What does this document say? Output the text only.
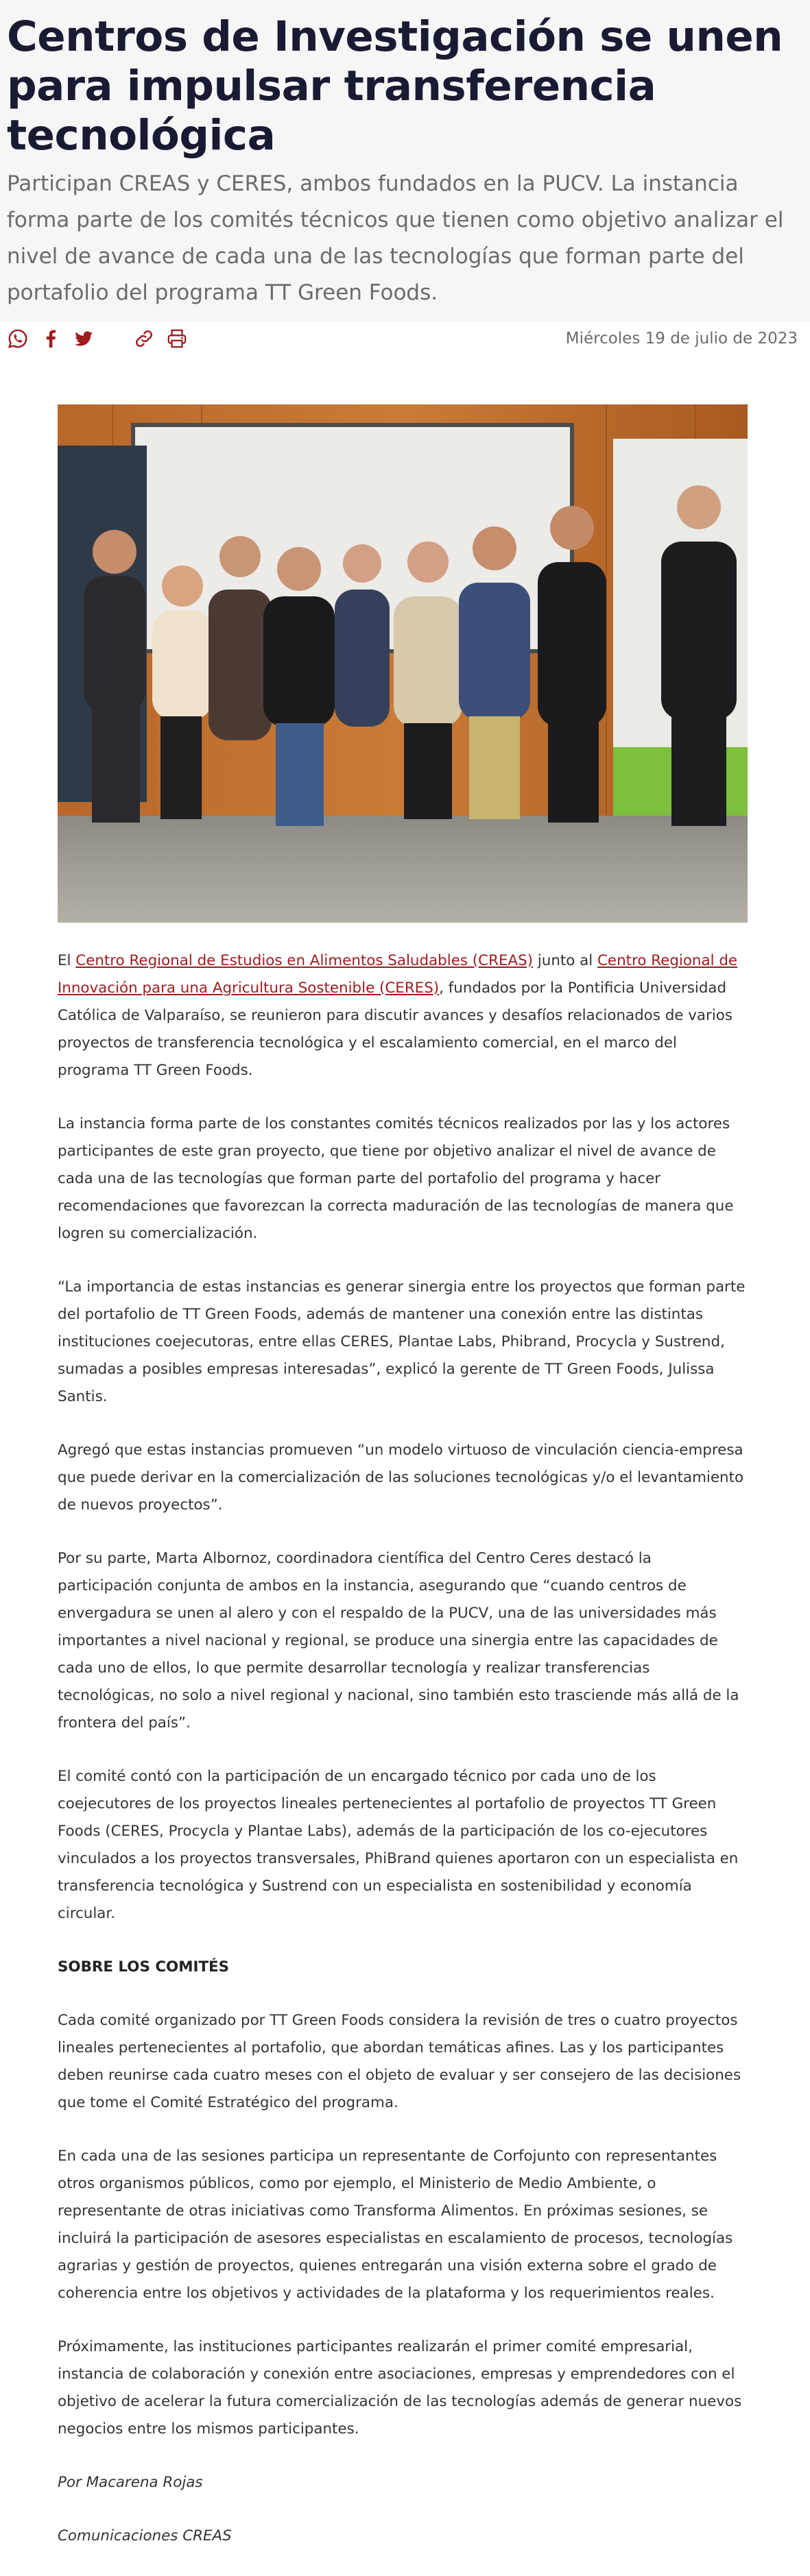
Centros de Investigación se unen para impulsar transferencia tecnológica

Participan CREAS y CERES, ambos fundados en la PUCV. La instancia forma parte de los comités técnicos que tienen como objetivo analizar el nivel de avance de cada una de las tecnologías que forman parte del portafolio del programa TT Green Foods.

Miércoles 19 de julio de 2023

El Centro Regional de Estudios en Alimentos Saludables (CREAS) junto al Centro Regional de Innovación para una Agricultura Sostenible (CERES), fundados por la Pontificia Universidad Católica de Valparaíso, se reunieron para discutir avances y desafíos relacionados de varios proyectos de transferencia tecnológica y el escalamiento comercial, en el marco del programa TT Green Foods.

La instancia forma parte de los constantes comités técnicos realizados por las y los actores participantes de este gran proyecto, que tiene por objetivo analizar el nivel de avance de cada una de las tecnologías que forman parte del portafolio del programa y hacer recomendaciones que favorezcan la correcta maduración de las tecnologías de manera que logren su comercialización.

“La importancia de estas instancias es generar sinergia entre los proyectos que forman parte del portafolio de TT Green Foods, además de mantener una conexión entre las distintas instituciones coejecutoras, entre ellas CERES, Plantae Labs, Phibrand, Procycla y Sustrend, sumadas a posibles empresas interesadas”, explicó la gerente de TT Green Foods, Julissa Santis.

Agregó que estas instancias promueven “un modelo virtuoso de vinculación ciencia-empresa que puede derivar en la comercialización de las soluciones tecnológicas y/o el levantamiento de nuevos proyectos”.

Por su parte, Marta Albornoz, coordinadora científica del Centro Ceres destacó la participación conjunta de ambos en la instancia, asegurando que “cuando centros de envergadura se unen al alero y con el respaldo de la PUCV, una de las universidades más importantes a nivel nacional y regional, se produce una sinergia entre las capacidades de cada uno de ellos, lo que permite desarrollar tecnología y realizar transferencias tecnológicas, no solo a nivel regional y nacional, sino también esto trasciende más allá de la frontera del país”.

El comité contó con la participación de un encargado técnico por cada uno de los coejecutores de los proyectos lineales pertenecientes al portafolio de proyectos TT Green Foods (CERES, Procycla y Plantae Labs), además de la participación de los co-ejecutores vinculados a los proyectos transversales, PhiBrand quienes aportaron con un especialista en transferencia tecnológica y Sustrend con un especialista en sostenibilidad y economía circular.

SOBRE LOS COMITÉS

Cada comité organizado por TT Green Foods considera la revisión de tres o cuatro proyectos lineales pertenecientes al portafolio, que abordan temáticas afines. Las y los participantes deben reunirse cada cuatro meses con el objeto de evaluar y ser consejero de las decisiones que tome el Comité Estratégico del programa.

En cada una de las sesiones participa un representante de Corfojunto con representantes otros organismos públicos, como por ejemplo, el Ministerio de Medio Ambiente, o representante de otras iniciativas como Transforma Alimentos. En próximas sesiones, se incluirá la participación de asesores especialistas en escalamiento de procesos, tecnologías agrarias y gestión de proyectos, quienes entregarán una visión externa sobre el grado de coherencia entre los objetivos y actividades de la plataforma y los requerimientos reales.

Próximamente, las instituciones participantes realizarán el primer comité empresarial, instancia de colaboración y conexión entre asociaciones, empresas y emprendedores con el objetivo de acelerar la futura comercialización de las tecnologías además de generar nuevos negocios entre los mismos participantes.

Por Macarena Rojas

Comunicaciones CREAS
